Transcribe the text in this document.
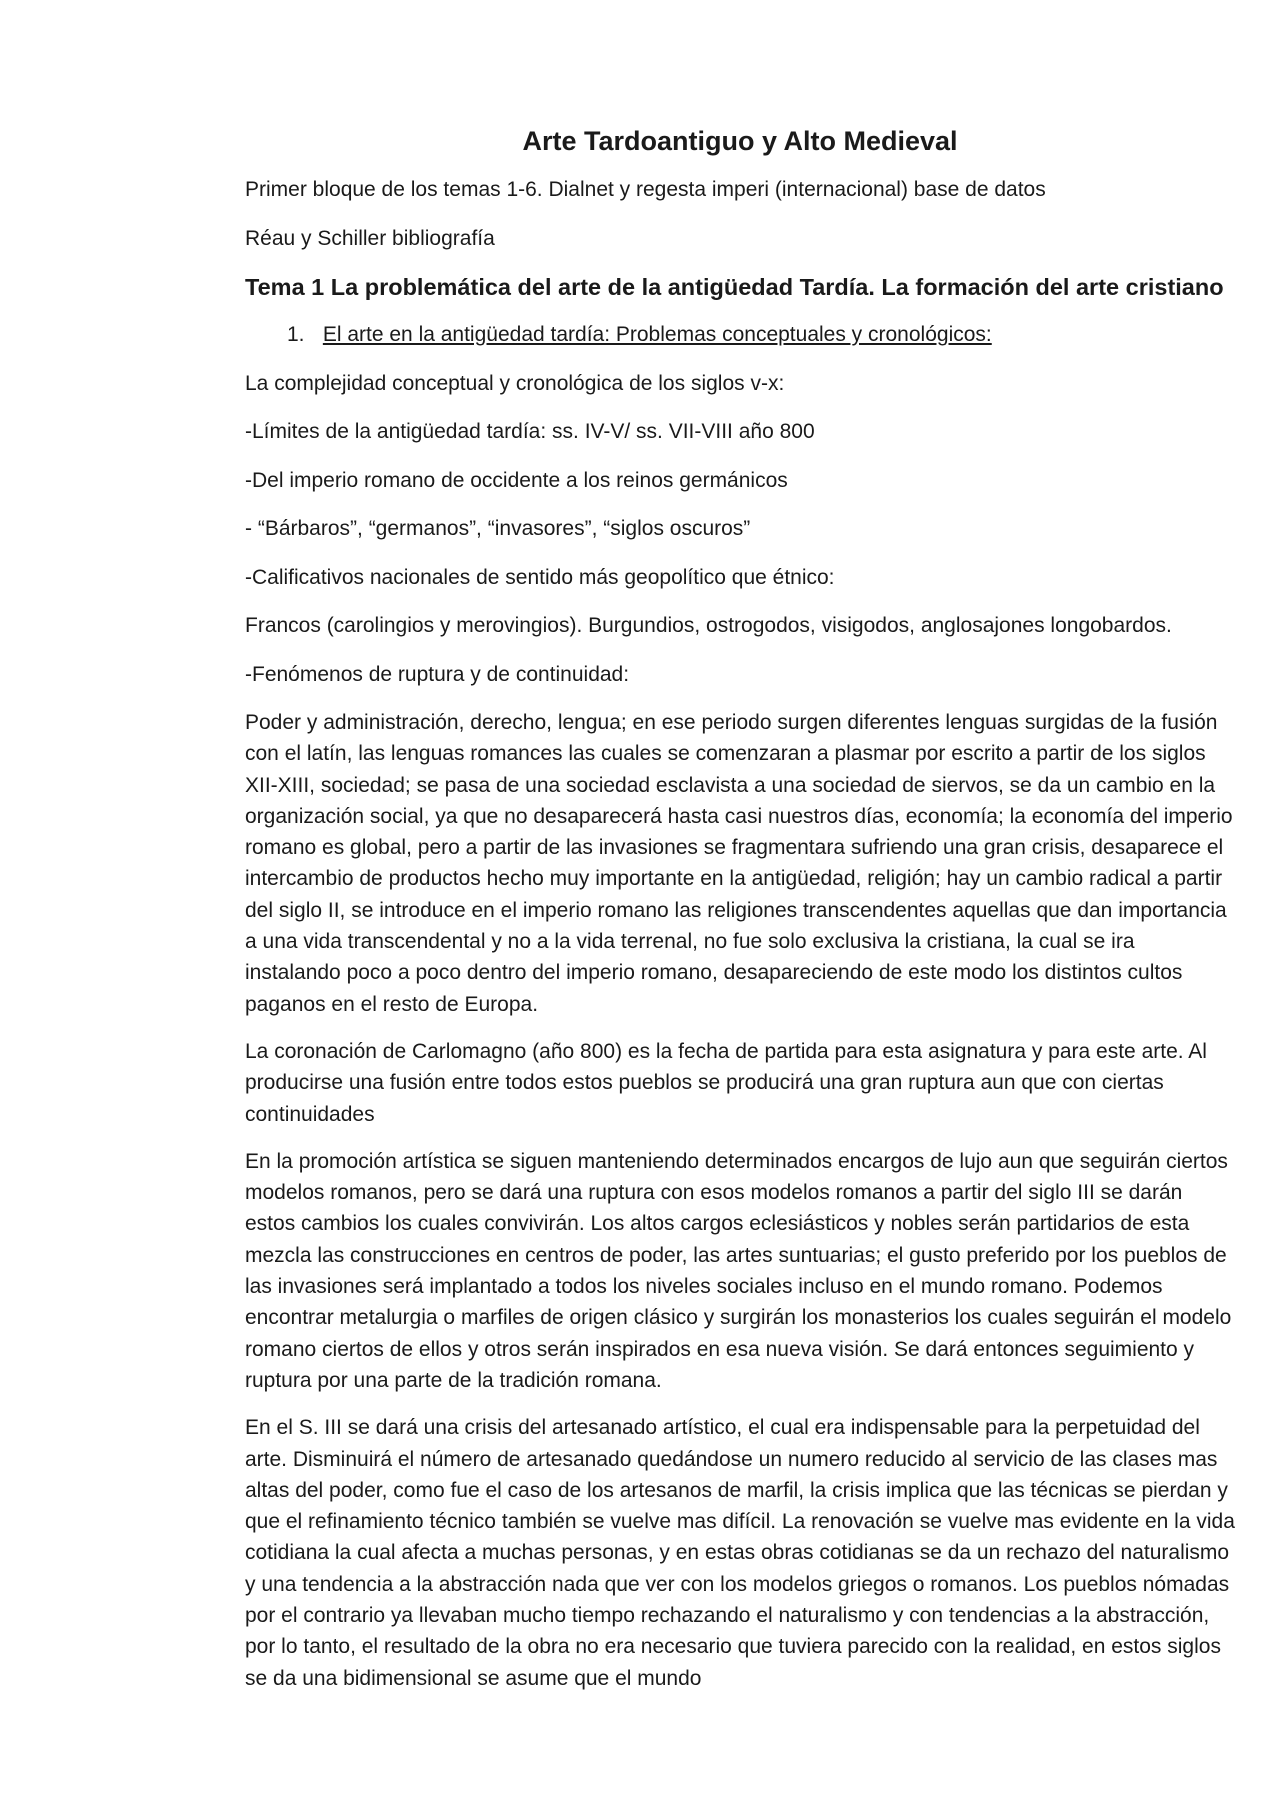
Arte Tardoantiguo y Alto Medieval

Primer bloque de los temas 1-6. Dialnet y regesta imperi (internacional) base de datos

Réau y Schiller bibliografía

Tema 1 La problemática del arte de la antigüedad Tardía. La formación del arte cristiano
1. El arte en la antigüedad tardía: Problemas conceptuales y cronológicos:

La complejidad conceptual y cronológica de los siglos v-x:

-Límites de la antigüedad tardía: ss. IV-V/ ss. VII-VIII año 800

-Del imperio romano de occidente a los reinos germánicos

- “Bárbaros”, “germanos”, “invasores”, “siglos oscuros”

-Calificativos nacionales de sentido más geopolítico que étnico:

Francos (carolingios y merovingios). Burgundios, ostrogodos, visigodos, anglosajones longobardos.

-Fenómenos de ruptura y de continuidad:

Poder y administración, derecho, lengua; en ese periodo surgen diferentes lenguas surgidas de la fusión con el latín, las lenguas romances las cuales se comenzaran a plasmar por escrito a partir de los siglos XII-XIII, sociedad; se pasa de una sociedad esclavista a una sociedad de siervos, se da un cambio en la organización social, ya que no desaparecerá hasta casi nuestros días, economía; la economía del imperio romano es global, pero a partir de las invasiones se fragmentara sufriendo una gran crisis, desaparece el intercambio de productos hecho muy importante en la antigüedad, religión; hay un cambio radical a partir del siglo II, se introduce en el imperio romano las religiones transcendentes aquellas que dan importancia a una vida transcendental y no a la vida terrenal, no fue solo exclusiva la cristiana, la cual se ira instalando poco a poco dentro del imperio romano, desapareciendo de este modo los distintos cultos paganos en el resto de Europa.

La coronación de Carlomagno (año 800) es la fecha de partida para esta asignatura y para este arte. Al producirse una fusión entre todos estos pueblos se producirá una gran ruptura aun que con ciertas continuidades

En la promoción artística se siguen manteniendo determinados encargos de lujo aun que seguirán ciertos modelos romanos, pero se dará una ruptura con esos modelos romanos a partir del siglo III se darán estos cambios los cuales convivirán. Los altos cargos eclesiásticos y nobles serán partidarios de esta mezcla las construcciones en centros de poder, las artes suntuarias; el gusto preferido por los pueblos de las invasiones será implantado a todos los niveles sociales incluso en el mundo romano. Podemos encontrar metalurgia o marfiles de origen clásico y surgirán los monasterios los cuales seguirán el modelo romano ciertos de ellos y otros serán inspirados en esa nueva visión. Se dará entonces seguimiento y ruptura por una parte de la tradición romana.

En el S. III se dará una crisis del artesanado artístico, el cual era indispensable para la perpetuidad del arte. Disminuirá el número de artesanado quedándose un numero reducido al servicio de las clases mas altas del poder, como fue el caso de los artesanos de marfil, la crisis implica que las técnicas se pierdan y que el refinamiento técnico también se vuelve mas difícil. La renovación se vuelve mas evidente en la vida cotidiana la cual afecta a muchas personas, y en estas obras cotidianas se da un rechazo del naturalismo y una tendencia a la abstracción nada que ver con los modelos griegos o romanos. Los pueblos nómadas por el contrario ya llevaban mucho tiempo rechazando el naturalismo y con tendencias a la abstracción, por lo tanto, el resultado de la obra no era necesario que tuviera parecido con la realidad, en estos siglos se da una bidimensional se asume que el mundo
